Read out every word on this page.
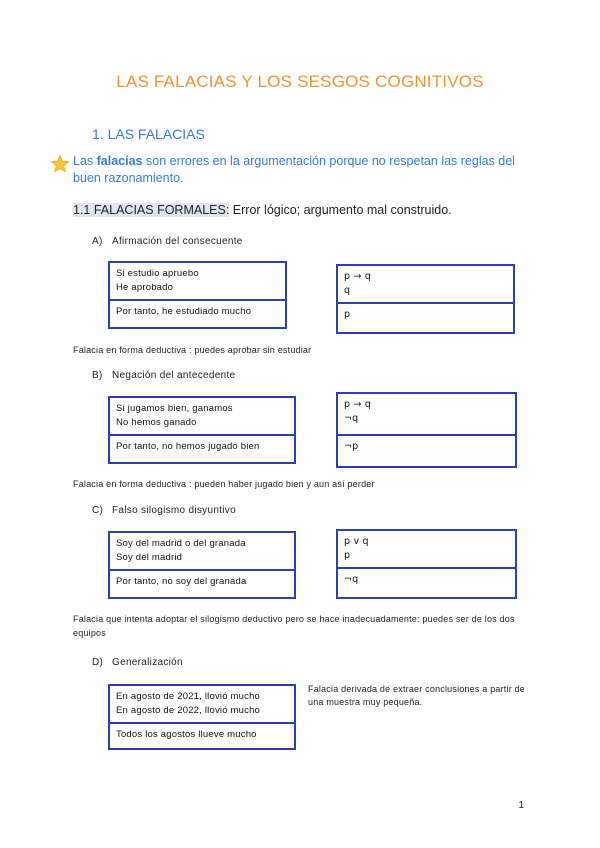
LAS FALACIAS Y LOS SESGOS COGNITIVOS
1. LAS FALACIAS
Las falacias son errores en la argumentación porque no respetan las reglas del buen razonamiento.
1.1 FALACIAS FORMALES: Error lógico; argumento mal construido.
A) Afirmación del consecuente
Si estudio apruebo
He aprobado
Por tanto, he estudiado mucho
p → q
q
p
Falacia en forma deductiva : puedes aprobar sin estudiar
B) Negación del antecedente
Si jugamos bien, ganamos
No hemos ganado
Por tanto, no hemos jugado bien
p → q
¬q
¬p
Falacia en forma deductiva : pueden haber jugado bien y aun así perder
C) Falso silogismo disyuntivo
Soy del madrid o del granada
Soy del madrid
Por tanto, no soy del granada
p v q
p
¬q
Falacia que intenta adoptar el silogismo deductivo pero se hace inadecuadamente: puedes ser de los dos equipos
D) Generalización
En agosto de 2021, llovió mucho
En agosto de 2022, llovió mucho
Todos los agostos llueve mucho
Falacia derivada de extraer conclusiones a partir de una muestra muy pequeña.
1
